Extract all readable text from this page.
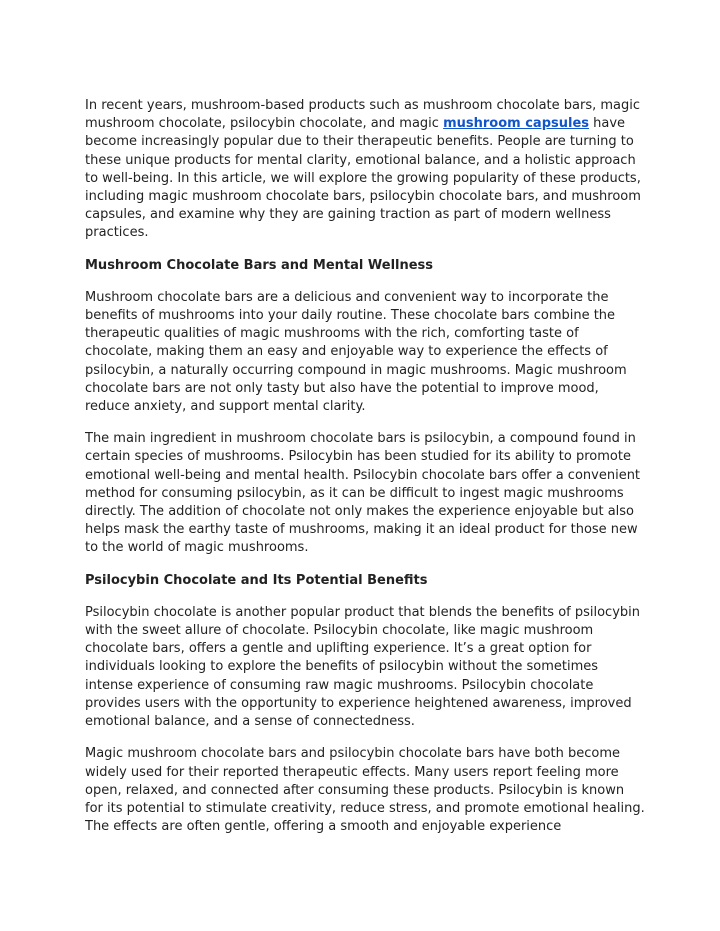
In recent years, mushroom-based products such as mushroom chocolate bars, magic mushroom chocolate, psilocybin chocolate, and magic mushroom capsules have become increasingly popular due to their therapeutic benefits. People are turning to these unique products for mental clarity, emotional balance, and a holistic approach to well-being. In this article, we will explore the growing popularity of these products, including magic mushroom chocolate bars, psilocybin chocolate bars, and mushroom capsules, and examine why they are gaining traction as part of modern wellness practices.

Mushroom Chocolate Bars and Mental Wellness

Mushroom chocolate bars are a delicious and convenient way to incorporate the benefits of mushrooms into your daily routine. These chocolate bars combine the therapeutic qualities of magic mushrooms with the rich, comforting taste of chocolate, making them an easy and enjoyable way to experience the effects of psilocybin, a naturally occurring compound in magic mushrooms. Magic mushroom chocolate bars are not only tasty but also have the potential to improve mood, reduce anxiety, and support mental clarity.

The main ingredient in mushroom chocolate bars is psilocybin, a compound found in certain species of mushrooms. Psilocybin has been studied for its ability to promote emotional well-being and mental health. Psilocybin chocolate bars offer a convenient method for consuming psilocybin, as it can be difficult to ingest magic mushrooms directly. The addition of chocolate not only makes the experience enjoyable but also helps mask the earthy taste of mushrooms, making it an ideal product for those new to the world of magic mushrooms.

Psilocybin Chocolate and Its Potential Benefits

Psilocybin chocolate is another popular product that blends the benefits of psilocybin with the sweet allure of chocolate. Psilocybin chocolate, like magic mushroom chocolate bars, offers a gentle and uplifting experience. It’s a great option for individuals looking to explore the benefits of psilocybin without the sometimes intense experience of consuming raw magic mushrooms. Psilocybin chocolate provides users with the opportunity to experience heightened awareness, improved emotional balance, and a sense of connectedness.

Magic mushroom chocolate bars and psilocybin chocolate bars have both become widely used for their reported therapeutic effects. Many users report feeling more open, relaxed, and connected after consuming these products. Psilocybin is known for its potential to stimulate creativity, reduce stress, and promote emotional healing. The effects are often gentle, offering a smooth and enjoyable experience
